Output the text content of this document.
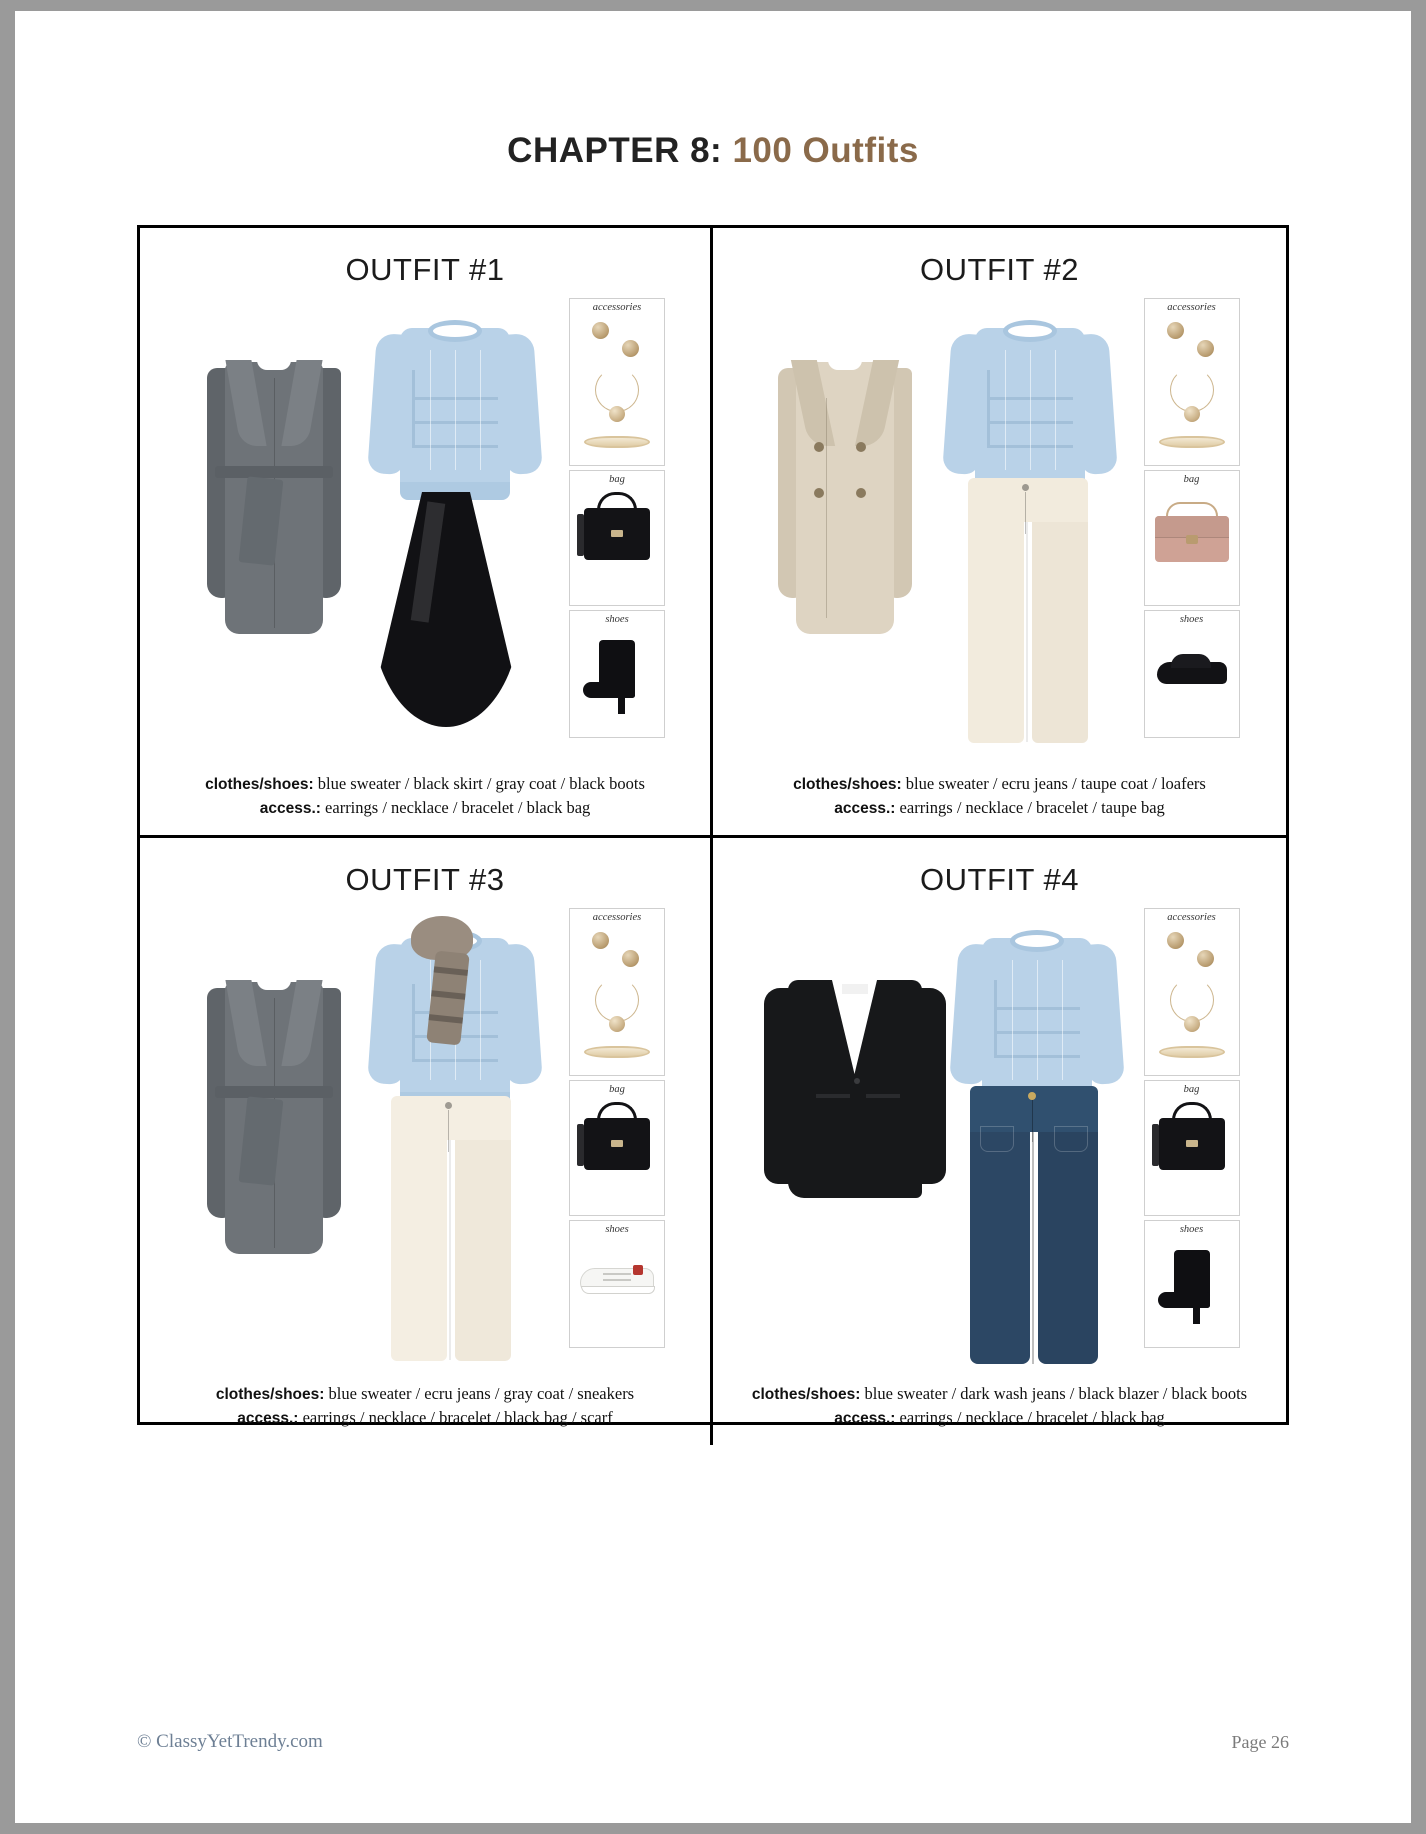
CHAPTER 8: 100 Outfits
OUTFIT #1
accessories
bag
shoes
clothes/shoes: blue sweater / black skirt / gray coat / black boots
access.: earrings / necklace / bracelet / black bag
OUTFIT #2
accessories
bag
shoes
clothes/shoes: blue sweater / ecru jeans / taupe coat / loafers
access.: earrings / necklace / bracelet / taupe bag
OUTFIT #3
accessories
bag
shoes
clothes/shoes: blue sweater / ecru jeans / gray coat / sneakers
access.: earrings / necklace / bracelet / black bag / scarf
OUTFIT #4
accessories
bag
shoes
clothes/shoes: blue sweater / dark wash jeans / black blazer / black boots
access.: earrings / necklace / bracelet / black bag
© ClassyYetTrendy.com	Page 26
